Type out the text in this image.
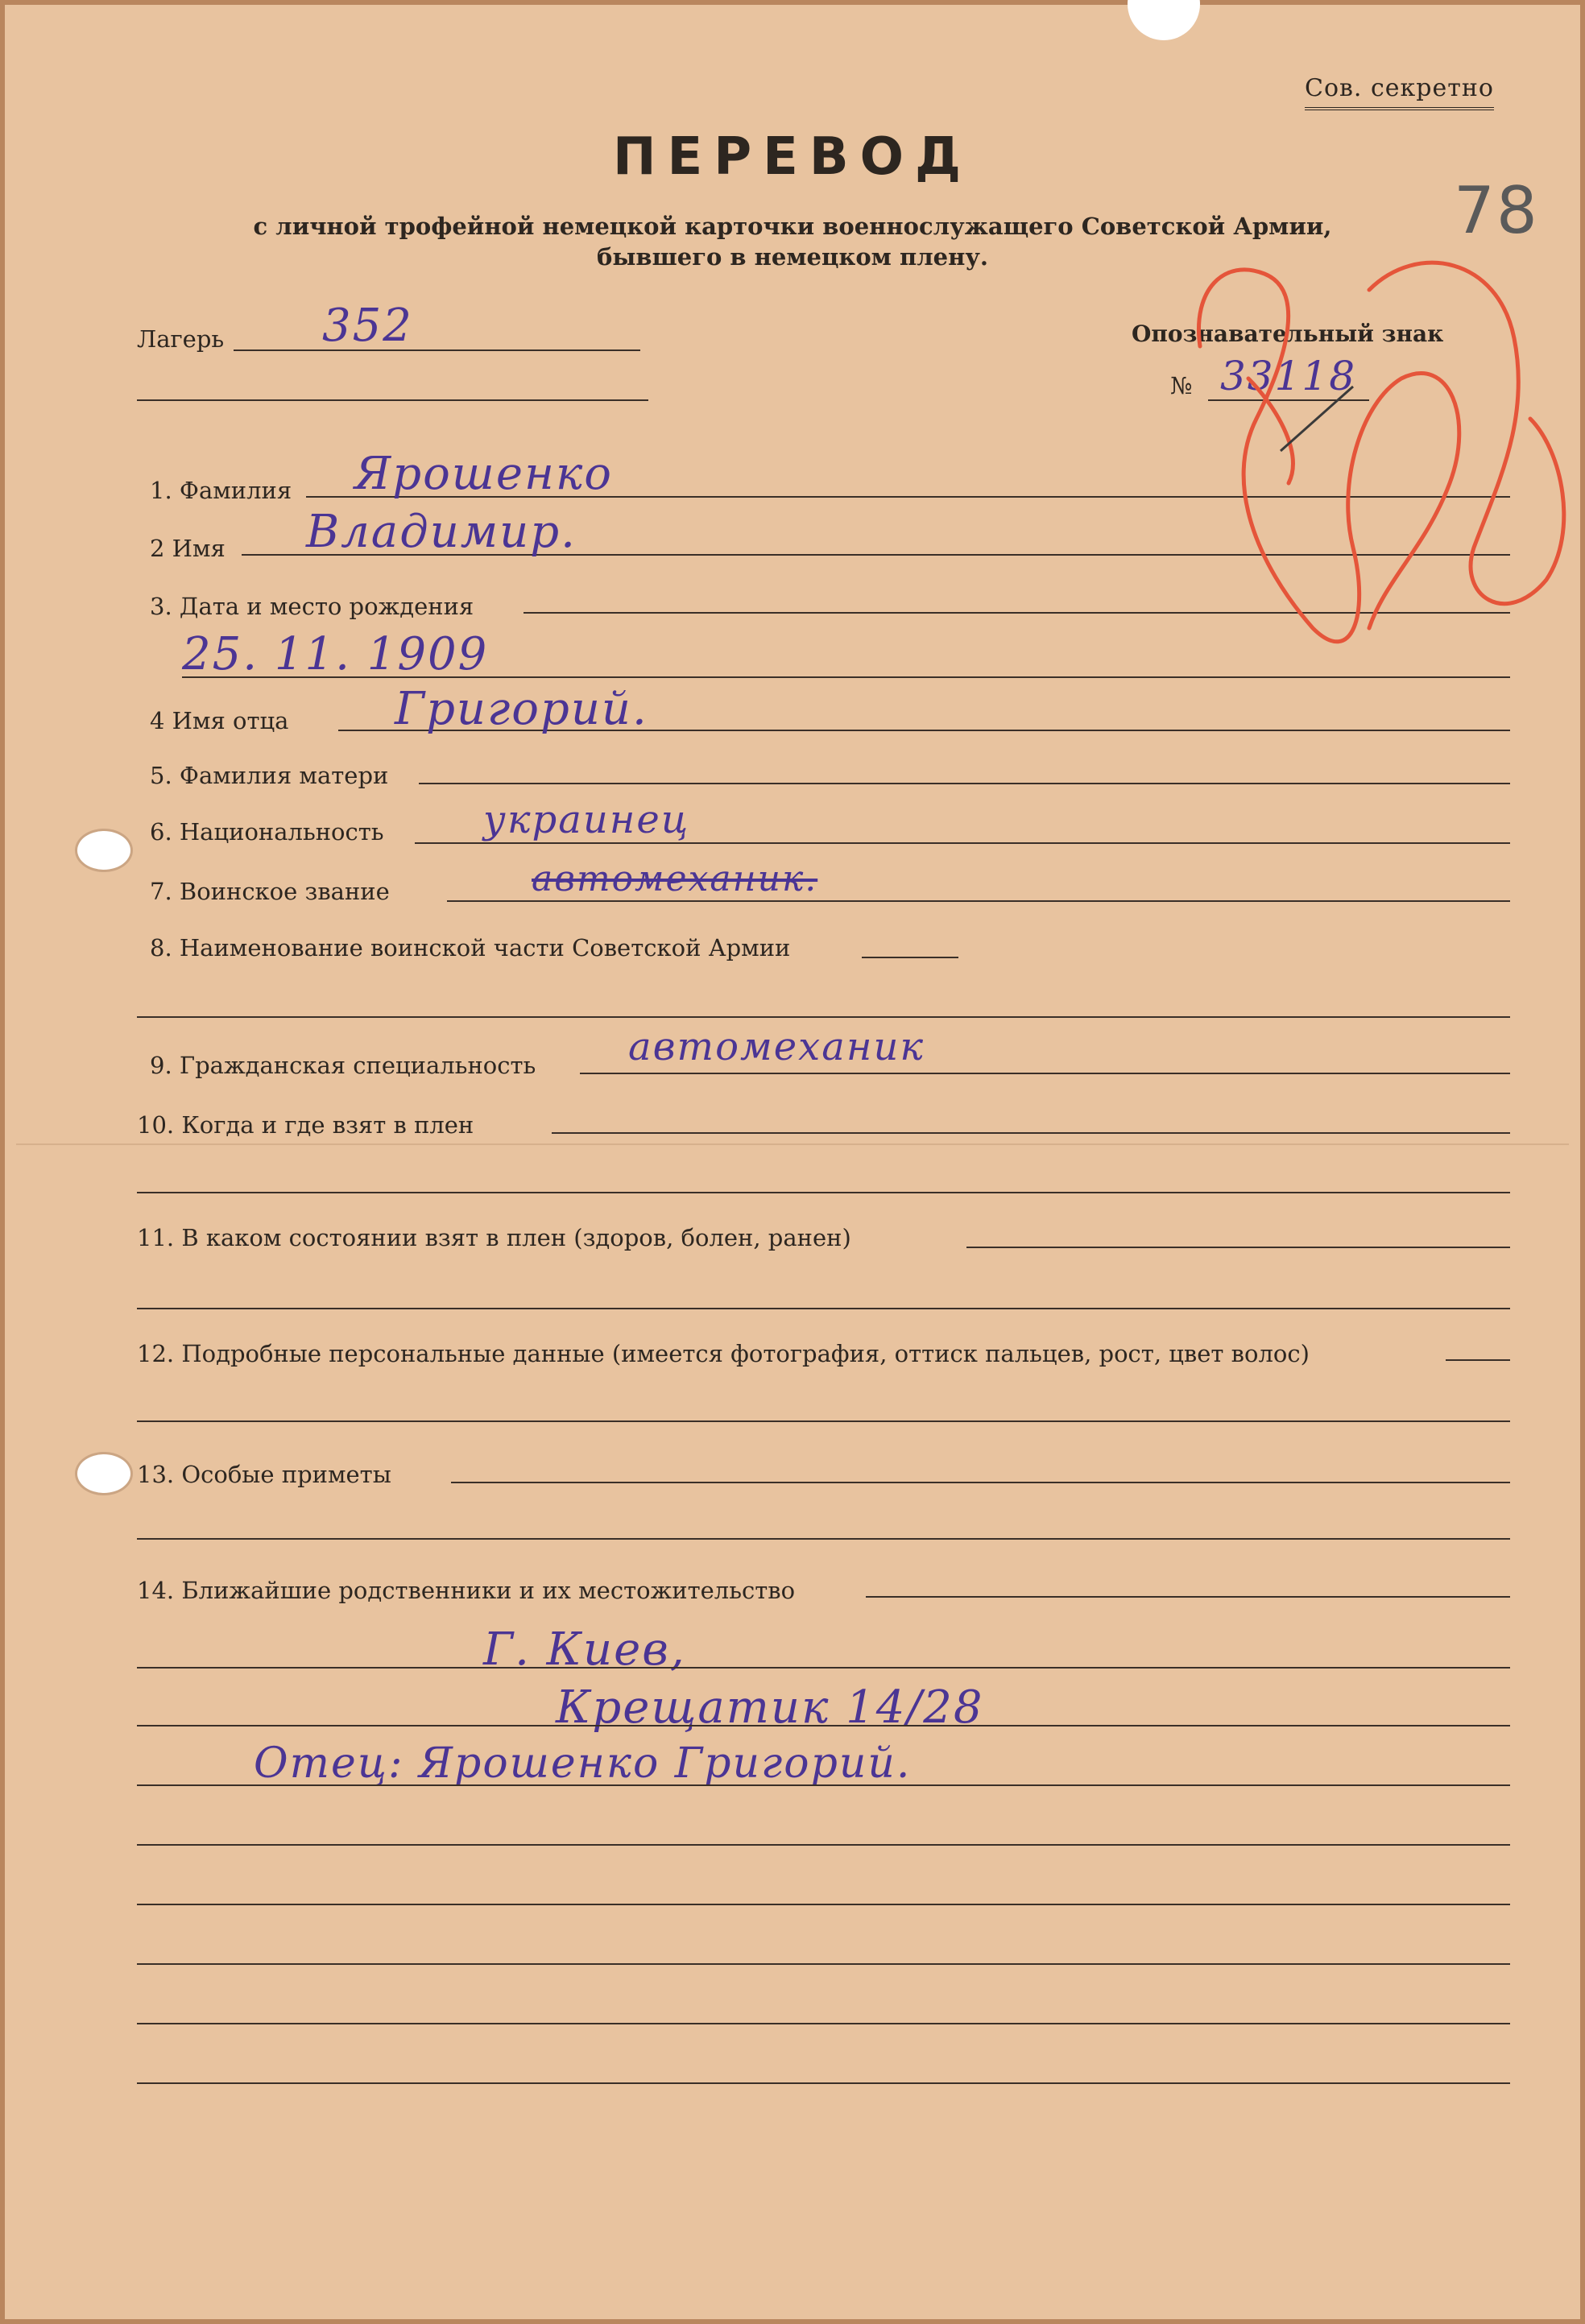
Сов. секретно
ПЕРЕВОД
с личной трофейной немецкой карточки военнослужащего Советской Армии,
бывшего в немецком плену.
Лагерь 352	Опознавательный знак
№ 33118
78
1. Фамилия Ярошенко
2 Имя Владимир.
3. Дата и место рождения
25. 11. 1909
4 Имя отца Григорий.
5. Фамилия матери
6. Национальность	украинец
7. Воинское звание	автомеханик.
8. Наименование воинской части Советской Армии
9. Гражданская специальность автомеханик
10. Когда и где взят в плен
11. В каком состоянии взят в плен (здоров, болен, ранен)
12. Подробные персональные данные (имеется фотография, оттиск пальцев, рост, цвет волос)
13. Особые приметы
14. Ближайшие родственники и их местожительство
Г. Киев,
Крещатик 14/28
Отец: Ярошенко Григорий.
